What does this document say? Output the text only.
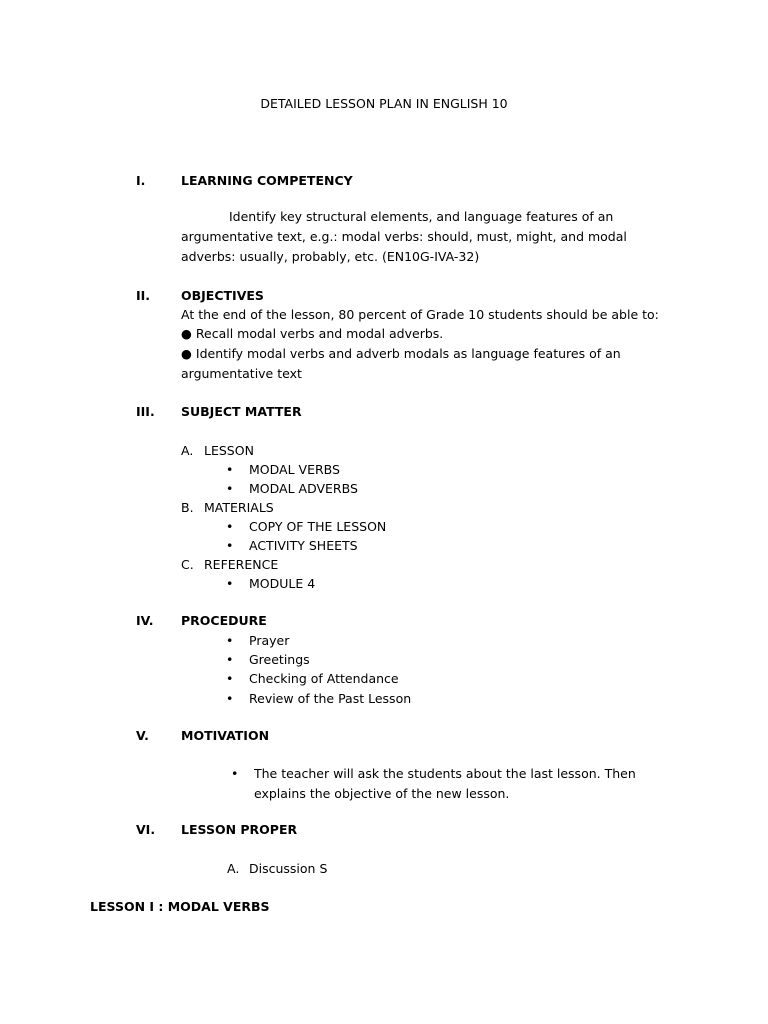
DETAILED LESSON PLAN IN ENGLISH 10
I.	LEARNING COMPETENCY
Identify key structural elements, and language features of an argumentative text, e.g.: modal verbs: should, must, might, and modal adverbs: usually, probably, etc. (EN10G-IVA-32)
II. OBJECTIVES
At the end of the lesson, 80 percent of Grade 10 students should be able to:
● Recall modal verbs and modal adverbs.
● Identify modal verbs and adverb modals as language features of an
argumentative text
III. SUBJECT MATTER
A. LESSON
• MODAL VERBS
• MODAL ADVERBS
B. MATERIALS
• COPY OF THE LESSON
• ACTIVITY SHEETS
C. REFERENCE
• MODULE 4
IV. PROCEDURE
• Prayer
• Greetings
• Checking of Attendance
• Review of the Past Lesson
V.	MOTIVATION
• The teacher will ask the students about the last lesson. Then
explains the objective of the new lesson.
VI. LESSON PROPER
A. Discussion S
LESSON I : MODAL VERBS
